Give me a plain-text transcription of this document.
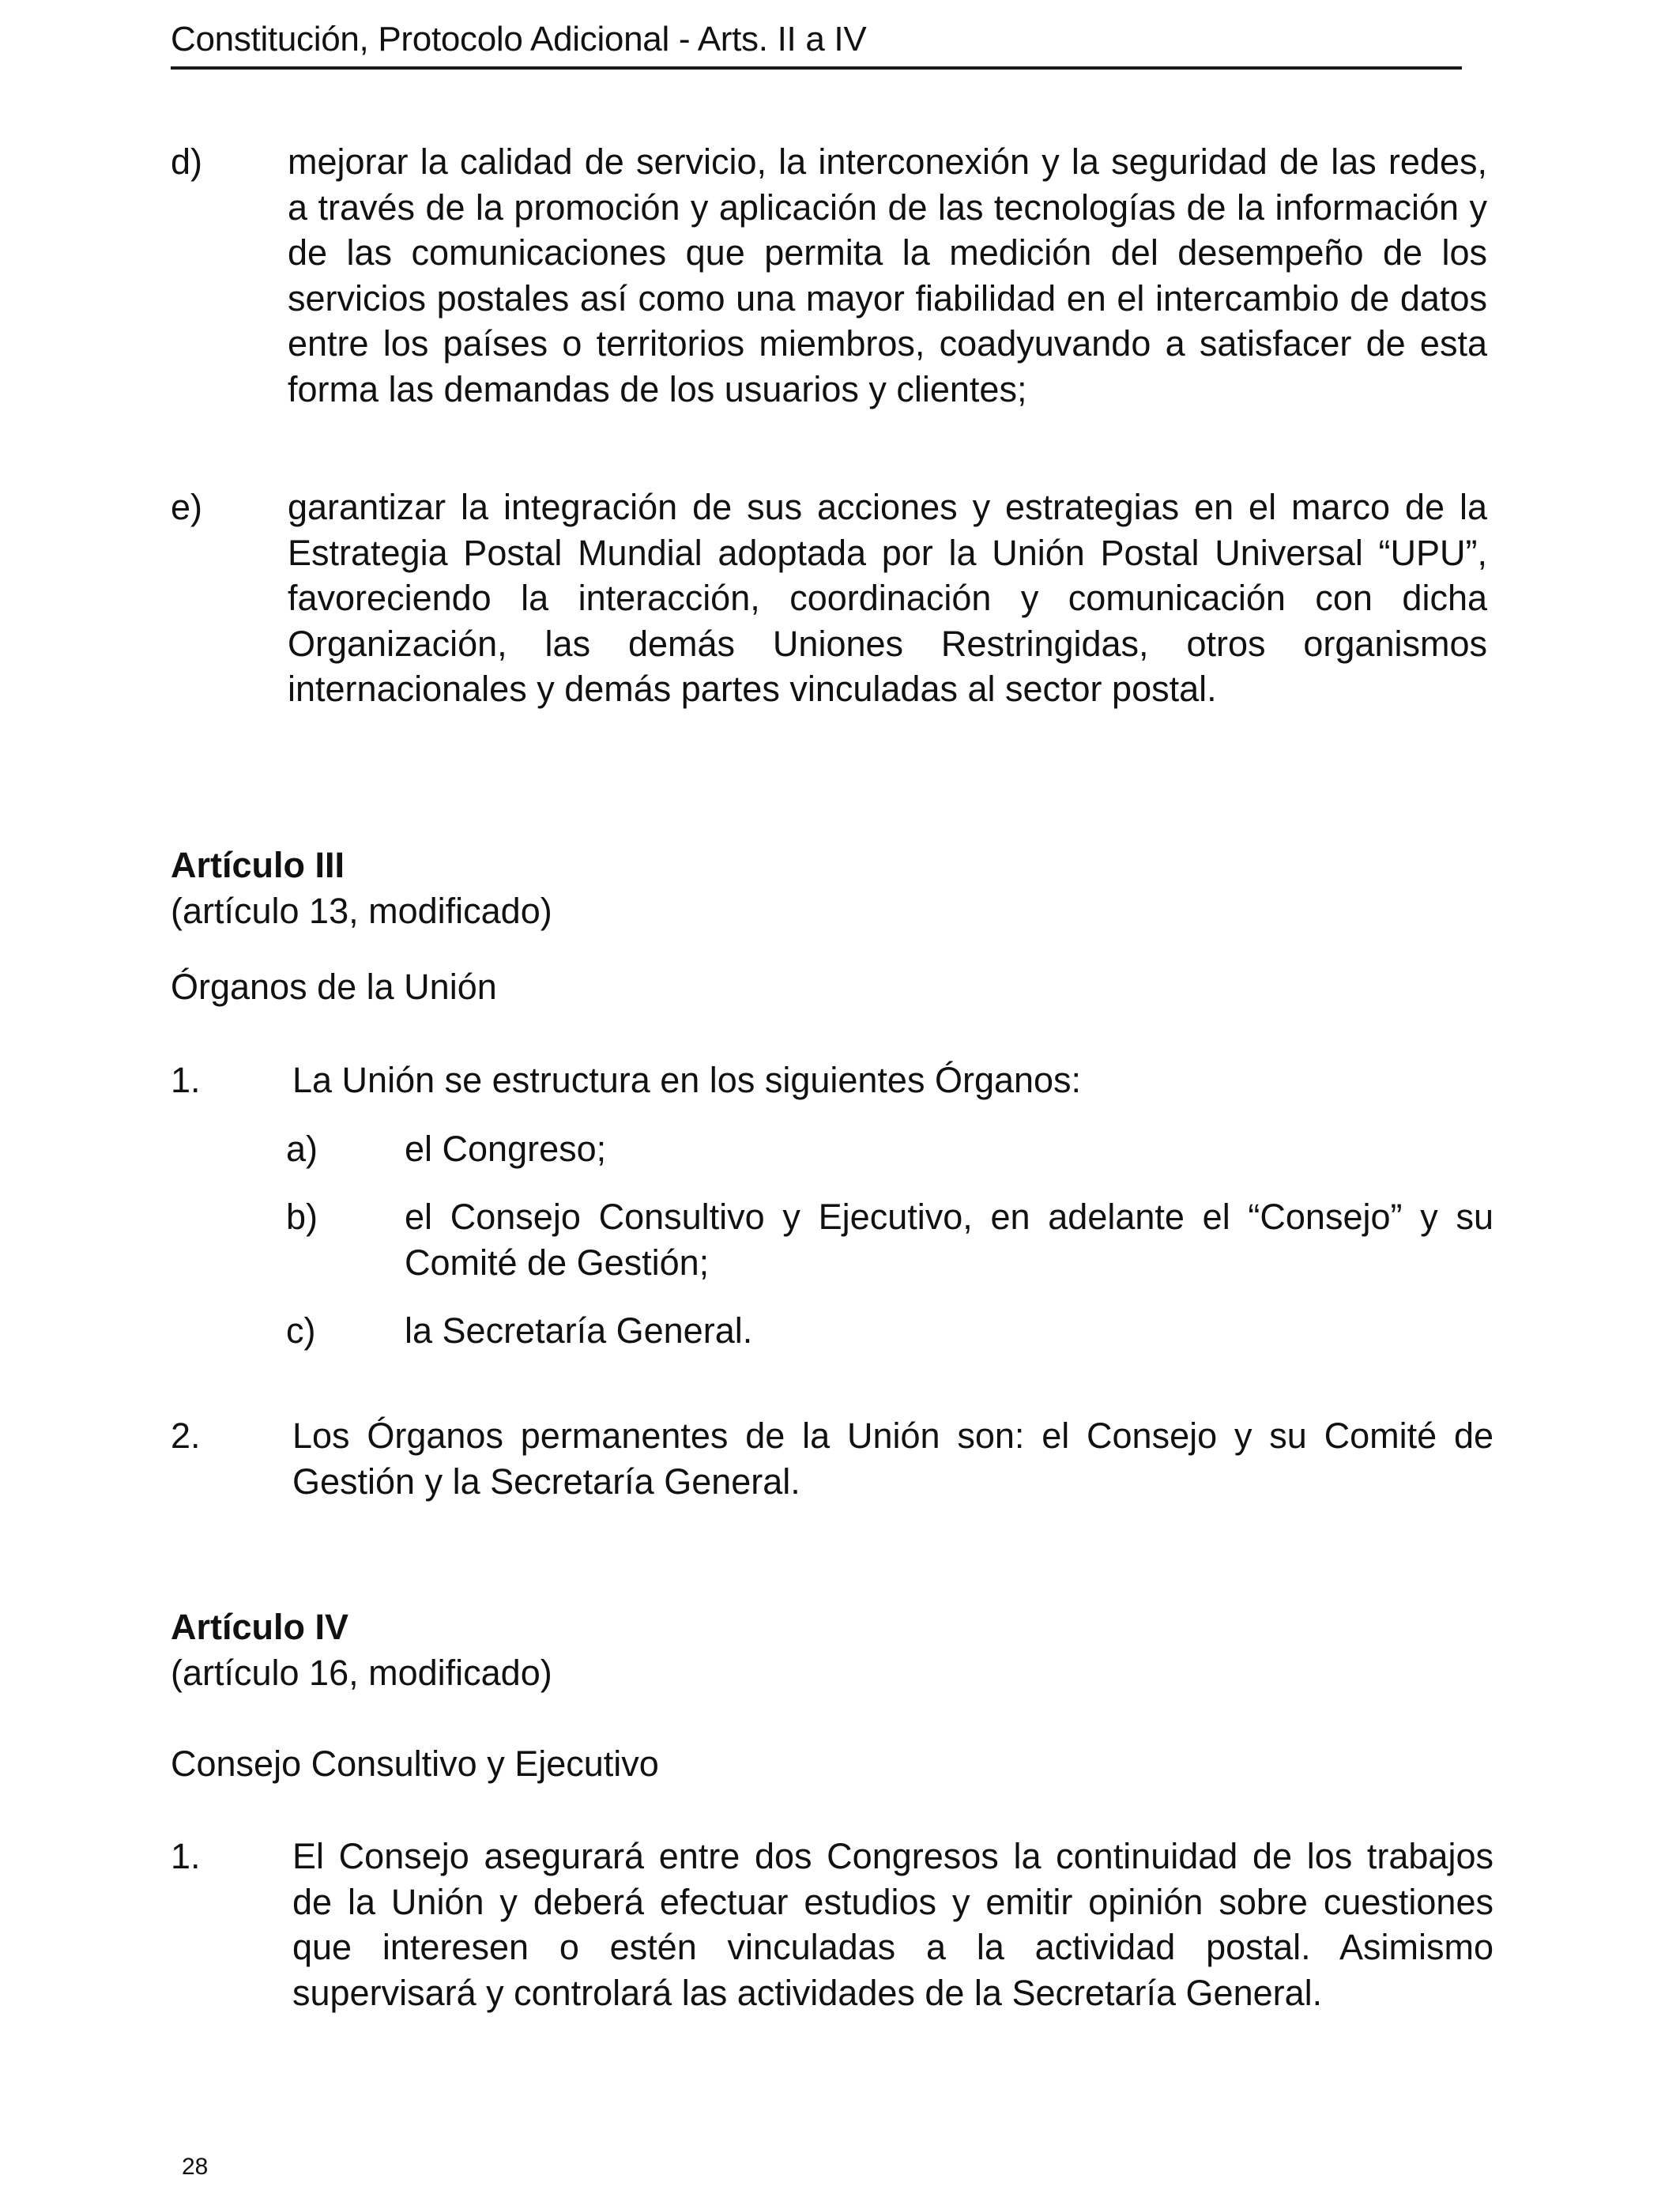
Constitución, Protocolo Adicional - Arts. II a IV
d) mejorar la calidad de servicio, la interconexión y la seguridad de las redes, a través de la promoción y aplicación de las tecnologías de la información y de las comunicaciones que permita la medición del desempeño de los servicios postales así como una mayor fiabilidad en el intercambio de datos entre los países o territorios miembros, coadyuvando a satisfacer de esta forma las demandas de los usuarios y clientes;
e) garantizar la integración de sus acciones y estrategias en el marco de la Estrategia Postal Mundial adoptada por la Unión Postal Universal “UPU”, favoreciendo la interacción, coordinación y comunicación con dicha Organización, las demás Uniones Restringidas, otros organismos internacionales y demás partes vinculadas al sector postal.
Artículo III
(artículo 13, modificado)
Órganos de la Unión
1.	La Unión se estructura en los siguientes Órganos:
a) el Congreso;
b) el Consejo Consultivo y Ejecutivo, en adelante el “Consejo” y su Comité de Gestión;
c)	la Secretaría General.
2.	Los Órganos permanentes de la Unión son: el Consejo y su Comité de Gestión y la Secretaría General.
Artículo IV
(artículo 16, modificado)
Consejo Consultivo y Ejecutivo
1.	El Consejo asegurará entre dos Congresos la continuidad de los trabajos de la Unión y deberá efectuar estudios y emitir opinión sobre cuestiones que interesen o estén vinculadas a la actividad postal. Asimismo supervisará y controlará las actividades de la Secretaría General.
28
